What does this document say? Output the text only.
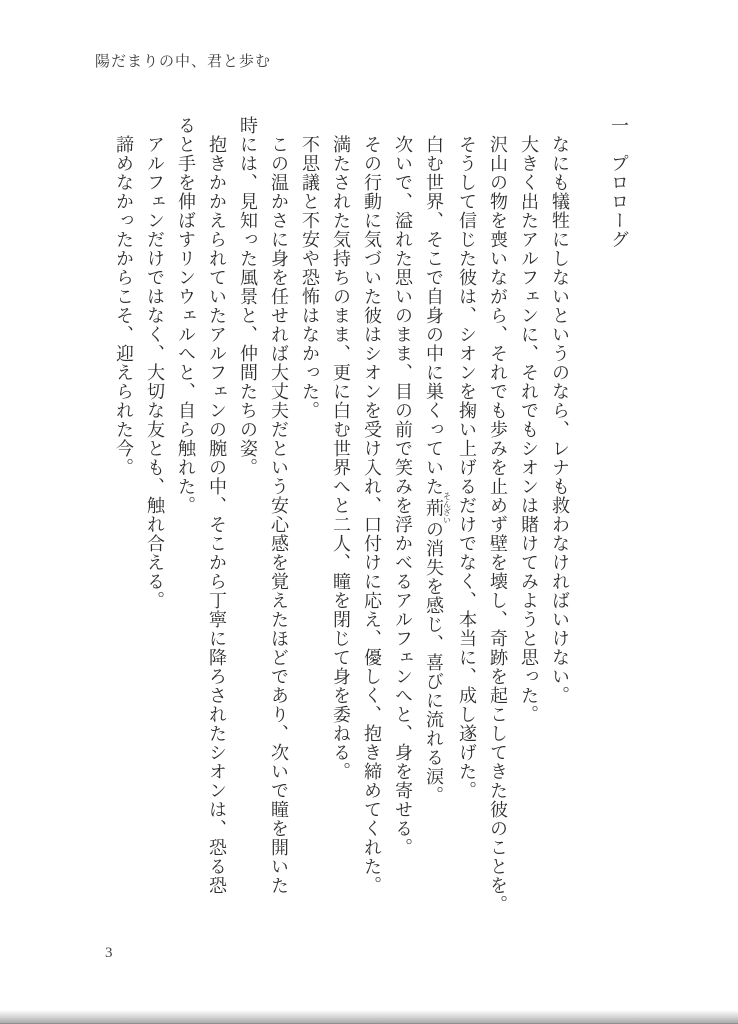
陽だまりの中、君と歩む
一　プロローグ
なにも犠牲にしないというのなら、レナも救わなければいけない。
大きく出たアルフェンに、それでもシオンは賭けてみようと思った。
沢山の物を喪いながら、それでも歩みを止めず壁を壊し、奇跡を起こしてきた彼のことを。
そうして信じた彼は、シオンを掬い上げるだけでなく、本当に、成し遂げた。
白む世界、そこで自身の中に巣くっていた荊そんざいの消失を感じ、喜びに流れる涙。
次いで、溢れた思いのまま、目の前で笑みを浮かべるアルフェンへと、身を寄せる。
その行動に気づいた彼はシオンを受け入れ、口付けに応え、優しく、抱き締めてくれた。
満たされた気持ちのまま、更に白む世界へと二人、瞳を閉じて身を委ねる。
不思議と不安や恐怖はなかった。
この温かさに身を任せれば大丈夫だという安心感を覚えたほどであり、次いで瞳を開いた
時には、見知った風景と、仲間たちの姿。
抱きかかえられていたアルフェンの腕の中、そこから丁寧に降ろされたシオンは、恐る恐
ると手を伸ばすリンウェルへと、自ら触れた。
アルフェンだけではなく、大切な友とも、触れ合える。
諦めなかったからこそ、迎えられた今。
3
